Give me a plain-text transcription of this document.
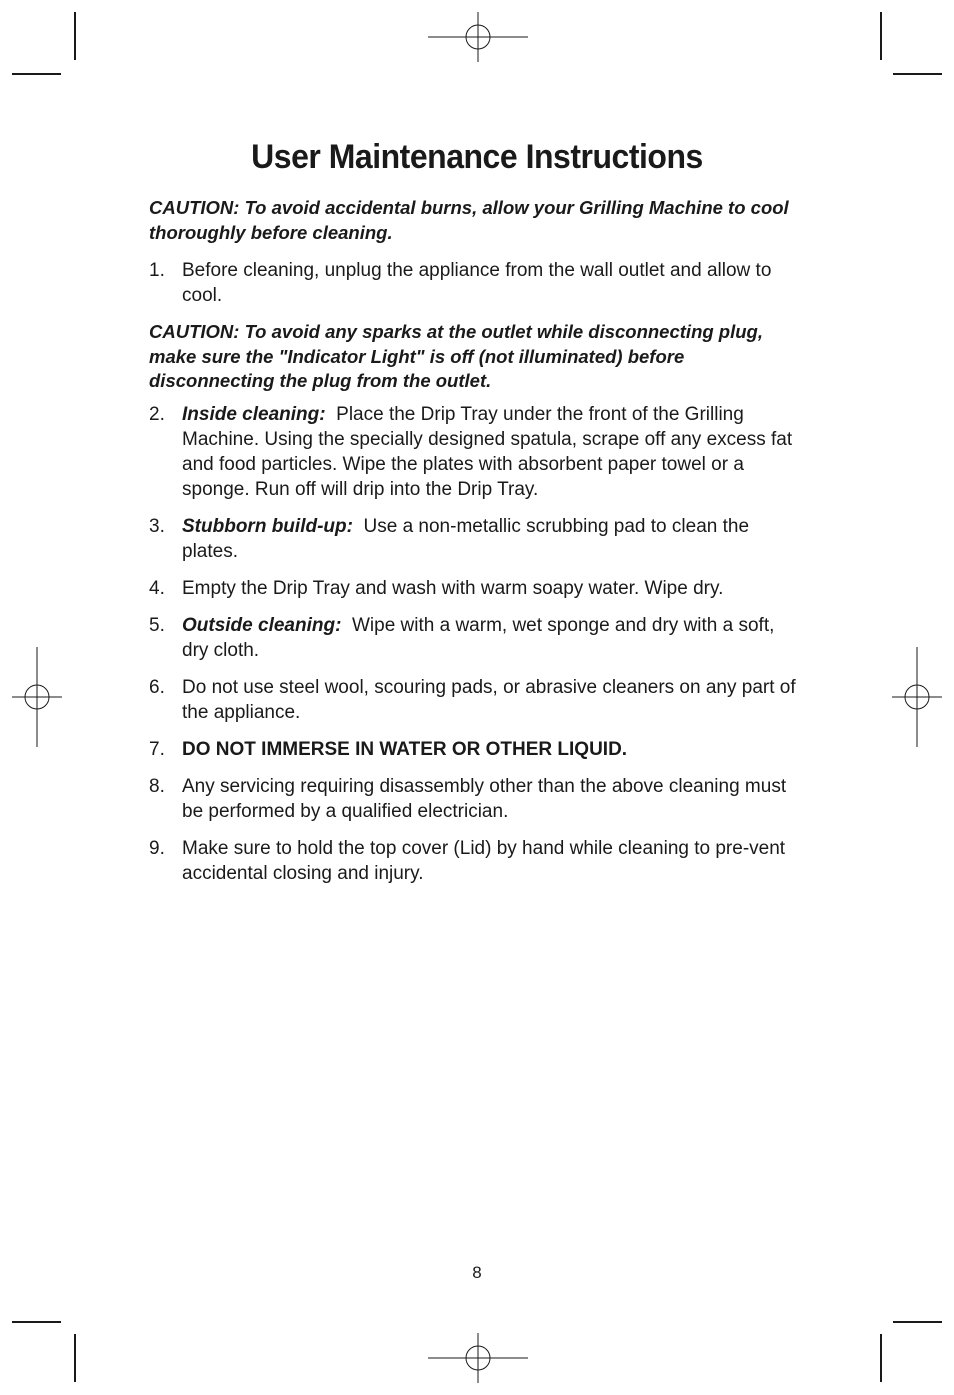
User Maintenance Instructions

CAUTION: To avoid accidental burns, allow your Grilling Machine to cool thoroughly before cleaning.

1. Before cleaning, unplug the appliance from the wall outlet and allow to cool.

CAUTION: To avoid any sparks at the outlet while disconnecting plug, make sure the "Indicator Light" is off (not illuminated) before disconnecting the plug from the outlet.

2. Inside cleaning: Place the Drip Tray under the front of the Grilling Machine. Using the specially designed spatula, scrape off any excess fat and food particles. Wipe the plates with absorbent paper towel or a sponge. Run off will drip into the Drip Tray.
3. Stubborn build-up: Use a non-metallic scrubbing pad to clean the plates.
4. Empty the Drip Tray and wash with warm soapy water. Wipe dry.
5. Outside cleaning: Wipe with a warm, wet sponge and dry with a soft, dry cloth.
6. Do not use steel wool, scouring pads, or abrasive cleaners on any part of the appliance.
7. DO NOT IMMERSE IN WATER OR OTHER LIQUID.
8. Any servicing requiring disassembly other than the above cleaning must be performed by a qualified electrician.
9. Make sure to hold the top cover (Lid) by hand while cleaning to pre-vent accidental closing and injury.
8
